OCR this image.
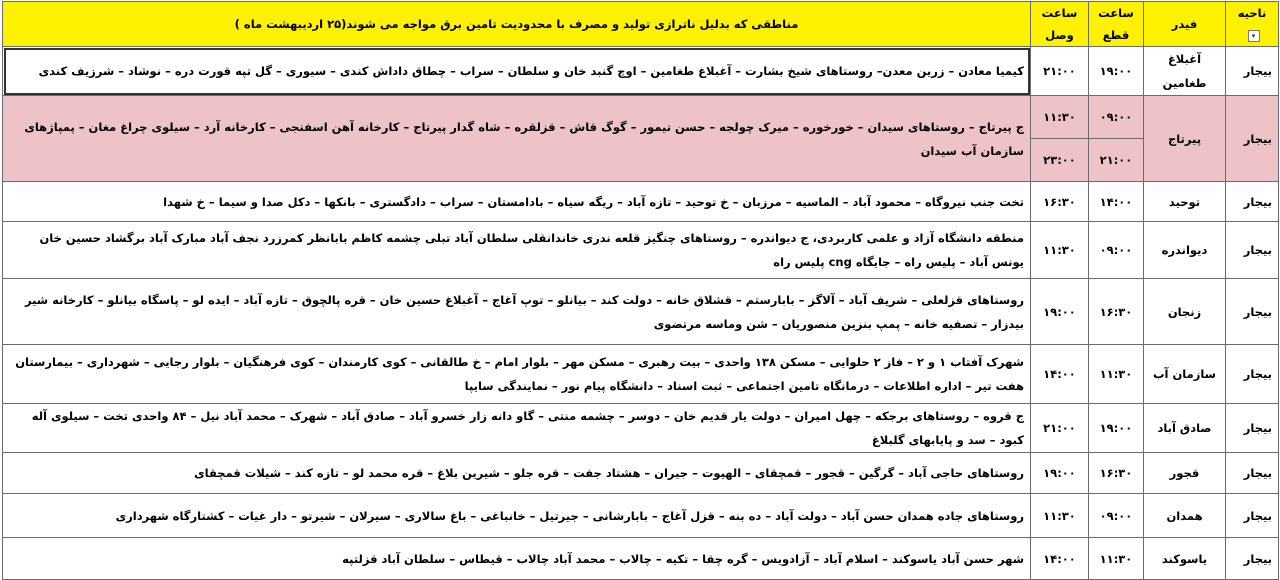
ناحیه▾	فیدر	ساعت قطع	ساعت وصل	مناطقی که بدلیل ناترازی تولید و مصرف با محدودیت تامین برق مواجه می شوند(۲۵ اردیبهشت ماه )
بیجار	آغبلاغ طغامین	۱۹:۰۰	۲۱:۰۰	کیمیا معادن – زرین معدن– روستاهای شیخ بشارت – آغبلاغ طغامین – اوچ گنبد خان و سلطان – سراب – چطاق داداش کندی – سیوری – گل تپه قورت دره – نوشاد – شرزیف کندی
بیجار	پیرتاج	۰۹:۰۰	۱۱:۳۰	ج پیرتاج – روستاهای سیدان – خورخوره – میرک چولجه – حسن تیمور – گوگ قاش – قزلقره – شاه گدار پیرتاج – کارخانه آهن اسفنجی – کارخانه آرد – سیلوی چراغ مغان – پمپاژهای سازمان آب سیدان
		۲۱:۰۰	۲۳:۰۰	
بیجار	توحید	۱۴:۰۰	۱۶:۳۰	تخت جنب نیروگاه – محمود آباد – الماسیه – مرزبان – خ توحید – تازه آباد – ریگه سیاه – بادامستان – سراب – دادگستری – بانکها – دکل صدا و سیما – خ شهدا
بیجار	دیواندره	۰۹:۰۰	۱۱:۳۰	منطقه دانشگاه آزاد و علمی کاربردی، ج دیواندره – روستاهای چنگیز قلعه ندری خاندانقلی سلطان آباد تبلی چشمه کاظم بابانظر کمرزرد نجف آباد مبارک آباد برگشاد حسین خان یونس آباد – پلیس راه – جایگاه cng پلیس راه
بیجار	زنجان	۱۶:۳۰	۱۹:۰۰	روستاهای قزلعلی – شریف آباد – آلاگز – بابارستم – قشلاق خانه – دولت کند – بیانلو – توپ آغاج – آغبلاغ حسین خان – قره پالچوق – تازه آباد – ایده لو – پاسگاه بیانلو – کارخانه شیر بیدزار – تصفیه خانه – پمپ بنزین منصوریان – شن وماسه مرتضوی
بیجار	سازمان آب	۱۱:۳۰	۱۴:۰۰	شهرک آفتاب ۱ و ۲ – فاز ۲ حلوایی – مسکن ۱۳۸ واحدی – بیت رهبری – مسکن مهر – بلوار امام – خ طالقانی – کوی کارمندان – کوی فرهنگیان – بلوار رجایی – شهرداری – بیمارستان هفت تیر – اداره اطلاعات – درمانگاه تامین اجتماعی – ثبت اسناد – دانشگاه پیام نور – نمایندگی سایپا
بیجار	صادق آباد	۱۹:۰۰	۲۱:۰۰	ج قروه – روستاهای برجکه – چهل امیران – دولت یار قدیم خان – دوسر – چشمه منتی – گاو دانه زار خسرو آباد – صادق آباد – شهرک – محمد آباد نیل – ۸۴ واحدی تخت – سیلوی آله کبود – سد و پایابهای گلبلاغ
بیجار	قجور	۱۶:۳۰	۱۹:۰۰	روستاهای حاجی آباد – گرگین – قجور – قمچقای – الهیوت – جیران – هشتاد جفت – قره جلو – شیرین بلاغ – قره محمد لو – تازه کند – شیلات قمچقای
بیجار	همدان	۰۹:۰۰	۱۱:۳۰	روستاهای جاده همدان حسن آباد – دولت آباد – ده بنه – قزل آغاج – بابارشانی – جیرتیل – خانباغی – باغ سالاری – سیرلان – شیرتو – دار غیات – کشتارگاه شهرداری
بیجار	یاسوکند	۱۱:۳۰	۱۴:۰۰	شهر حسن آباد یاسوکند – اسلام آباد – آزادویس – گره چقا – تکیه – چالاب – محمد آباد چالاب – قیطاس – سلطان آباد قزلتپه
